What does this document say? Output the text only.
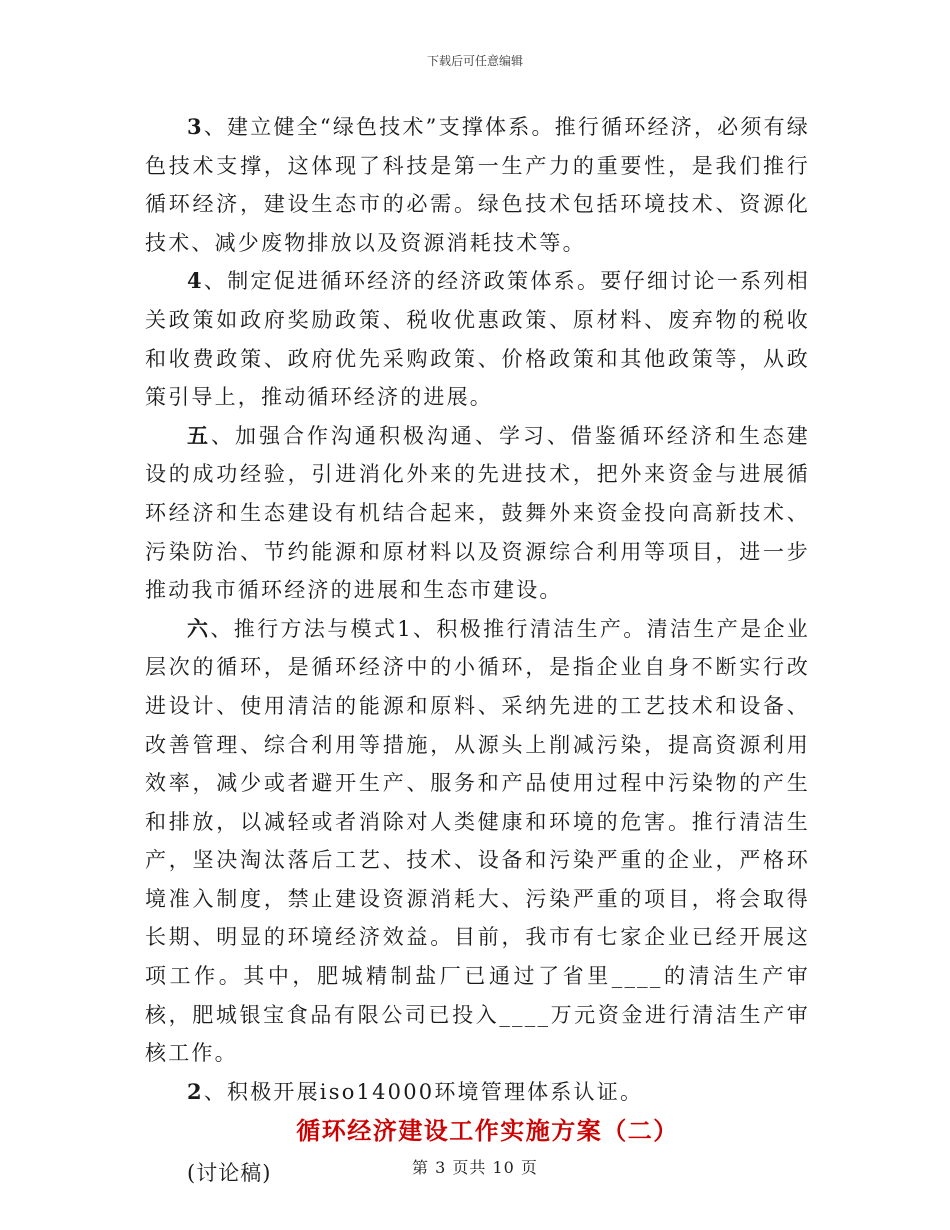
下载后可任意编辑

3、建立健全“绿色技术”支撑体系。推行循环经济，必须有绿色技术支撑，这体现了科技是第一生产力的重要性，是我们推行循环经济，建设生态市的必需。绿色技术包括环境技术、资源化技术、减少废物排放以及资源消耗技术等。

4、制定促进循环经济的经济政策体系。要仔细讨论一系列相关政策如政府奖励政策、税收优惠政策、原材料、废弃物的税收和收费政策、政府优先采购政策、价格政策和其他政策等，从政策引导上，推动循环经济的进展。

五、加强合作沟通积极沟通、学习、借鉴循环经济和生态建设的成功经验，引进消化外来的先进技术，把外来资金与进展循环经济和生态建设有机结合起来，鼓舞外来资金投向高新技术、污染防治、节约能源和原材料以及资源综合利用等项目，进一步推动我市循环经济的进展和生态市建设。

六、推行方法与模式1、积极推行清洁生产。清洁生产是企业层次的循环，是循环经济中的小循环，是指企业自身不断实行改进设计、使用清洁的能源和原料、采纳先进的工艺技术和设备、改善管理、综合利用等措施，从源头上削减污染，提高资源利用效率，减少或者避开生产、服务和产品使用过程中污染物的产生和排放，以减轻或者消除对人类健康和环境的危害。推行清洁生产，坚决淘汰落后工艺、技术、设备和污染严重的企业，严格环境准入制度，禁止建设资源消耗大、污染严重的项目，将会取得长期、明显的环境经济效益。目前，我市有七家企业已经开展这项工作。其中，肥城精制盐厂已通过了省里____的清洁生产审核，肥城银宝食品有限公司已投入____万元资金进行清洁生产审核工作。

2、积极开展iso14000环境管理体系认证。

循环经济建设工作实施方案（二）

(讨论稿)	第 3 页共 10 页
